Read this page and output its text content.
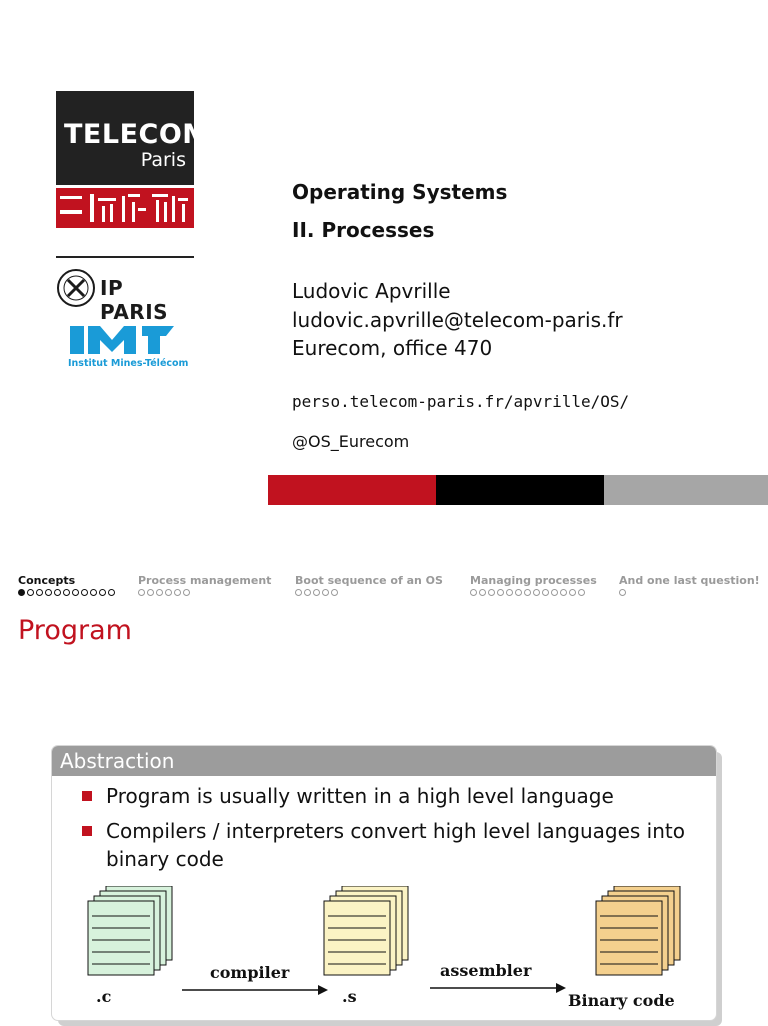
TELECOM
Paris
IP PARIS
Institut Mines-Télécom
Operating Systems
II. Processes
Ludovic Apvrille
ludovic.apvrille@telecom-paris.fr
Eurecom, office 470
perso.telecom-paris.fr/apvrille/OS/
@OS_Eurecom
Concepts	Process management Boot sequence of an OS Managing processes And one last question!
Program
Abstraction
Program is usually written in a high level language
Compilers / interpreters convert high level languages into binary code
.c
compiler
.s
assembler
Binary code
